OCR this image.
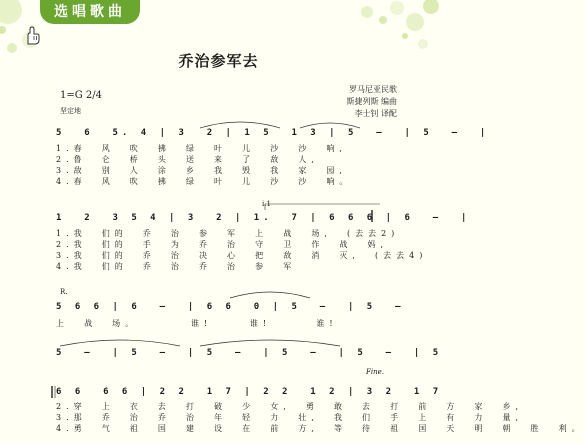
选唱歌曲
乔治参军去
罗马尼亚民歌
斯捷列斯 编曲
李士钊 译配
1=G 2/4
坚定地
5  6  5. 4 | 3  2 | 1 5  1 3 | 5  –  | 5  –  |
1.春  风  吹  拂  绿  叶  儿  沙  沙  响,
2.鲁  仑  桥  头  送  来  了  敌  人,
3.敌  别  人  涂  乡  我  毁  我  家  园,
4.春  风  吹  拂  绿  叶  儿  沙  沙  响。
i.1
1  2  3 5 4 | 3  2 | 1.  7 | 6 6 6 | 6  –  |
1.我  们的  乔  治  参  军  上  战  场,  (去去2)
2.我  们的  手  为  乔  治  守  卫  作  战  妈,
3.我  们的  乔  治  决  心  把  敌  消  灭,  (去去4)
4.我  们的  乔  治  乔  治  参  军
R.
5 6 6 | 6  –  | 6 6  0 | 5  –  | 5  –
上  战  场。       谁!     谁!      谁!
5  –  | 5  –  | 5  –  | 5  –  | 5  –  | 5
Fine.
6 6  6 6 | 2 2  1 7 | 2 2  1 2 | 3 2  1 7
2.穿  上  衣  去  打  破  少  女,  勇  敢  去  打  前  方  家  乡,
3.那  乔  治  乔  治  年  轻  力  壮,  我  们  手  上  有  力  量,
4.勇  气  祖  国  建  设  在  前  方,  等  待  祖  国  天  明  朝  胜  利。
